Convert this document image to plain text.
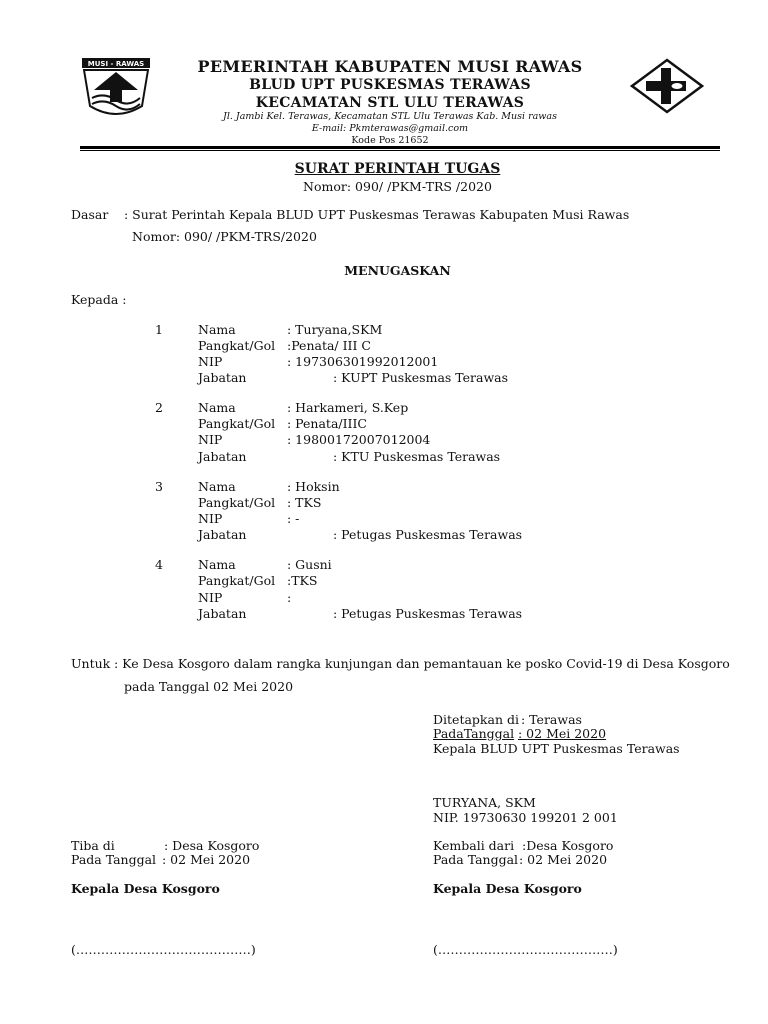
MUSI - RAWAS	PEMERINTAH KABUPATEN MUSI RAWAS
BLUD UPT PUSKESMAS TERAWAS
KECAMATAN STL ULU TERAWAS
Jl. Jambi Kel. Terawas, Kecamatan STL Ulu Terawas Kab. Musi rawas
E-mail: Pkmterawas@gmail.com
Kode Pos 21652
SURAT PERINTAH TUGAS
Nomor: 090/ /PKM-TRS /2020
Dasar : Surat Perintah Kepala BLUD UPT Puskesmas Terawas Kabupaten Musi Rawas
Nomor: 090/ /PKM-TRS/2020
MENUGASKAN
Kepada :
1	Nama	: Turyana,SKM
Pangkat/Gol :Penata/ III C
NIP	: 197306301992012001
Jabatan	: KUPT Puskesmas Terawas
2	Nama	: Harkameri, S.Kep
Pangkat/Gol : Penata/IIIC
NIP	: 19800172007012004
Jabatan	: KTU Puskesmas Terawas
3	Nama	: Hoksin
Pangkat/Gol : TKS
NIP	: -
Jabatan	: Petugas Puskesmas Terawas
4	Nama	: Gusni
Pangkat/Gol :TKS
NIP	:
Jabatan	: Petugas Puskesmas Terawas
Untuk : Ke Desa Kosgoro dalam rangka kunjungan dan pemantauan ke posko Covid-19 di Desa Kosgoro
pada Tanggal 02 Mei 2020
Ditetapkan di : Terawas
PadaTanggal : 02 Mei 2020
Kepala BLUD UPT Puskesmas Terawas
TURYANA, SKM
NIP. 19730630 199201 2 001
Tiba di	: Desa Kosgoro
Pada Tanggal : 02 Mei 2020
Kepala Desa Kosgoro
(……………………………………)
Kembali dari :Desa Kosgoro
Pada Tanggal : 02 Mei 2020
Kepala Desa Kosgoro
(……………………………………)
